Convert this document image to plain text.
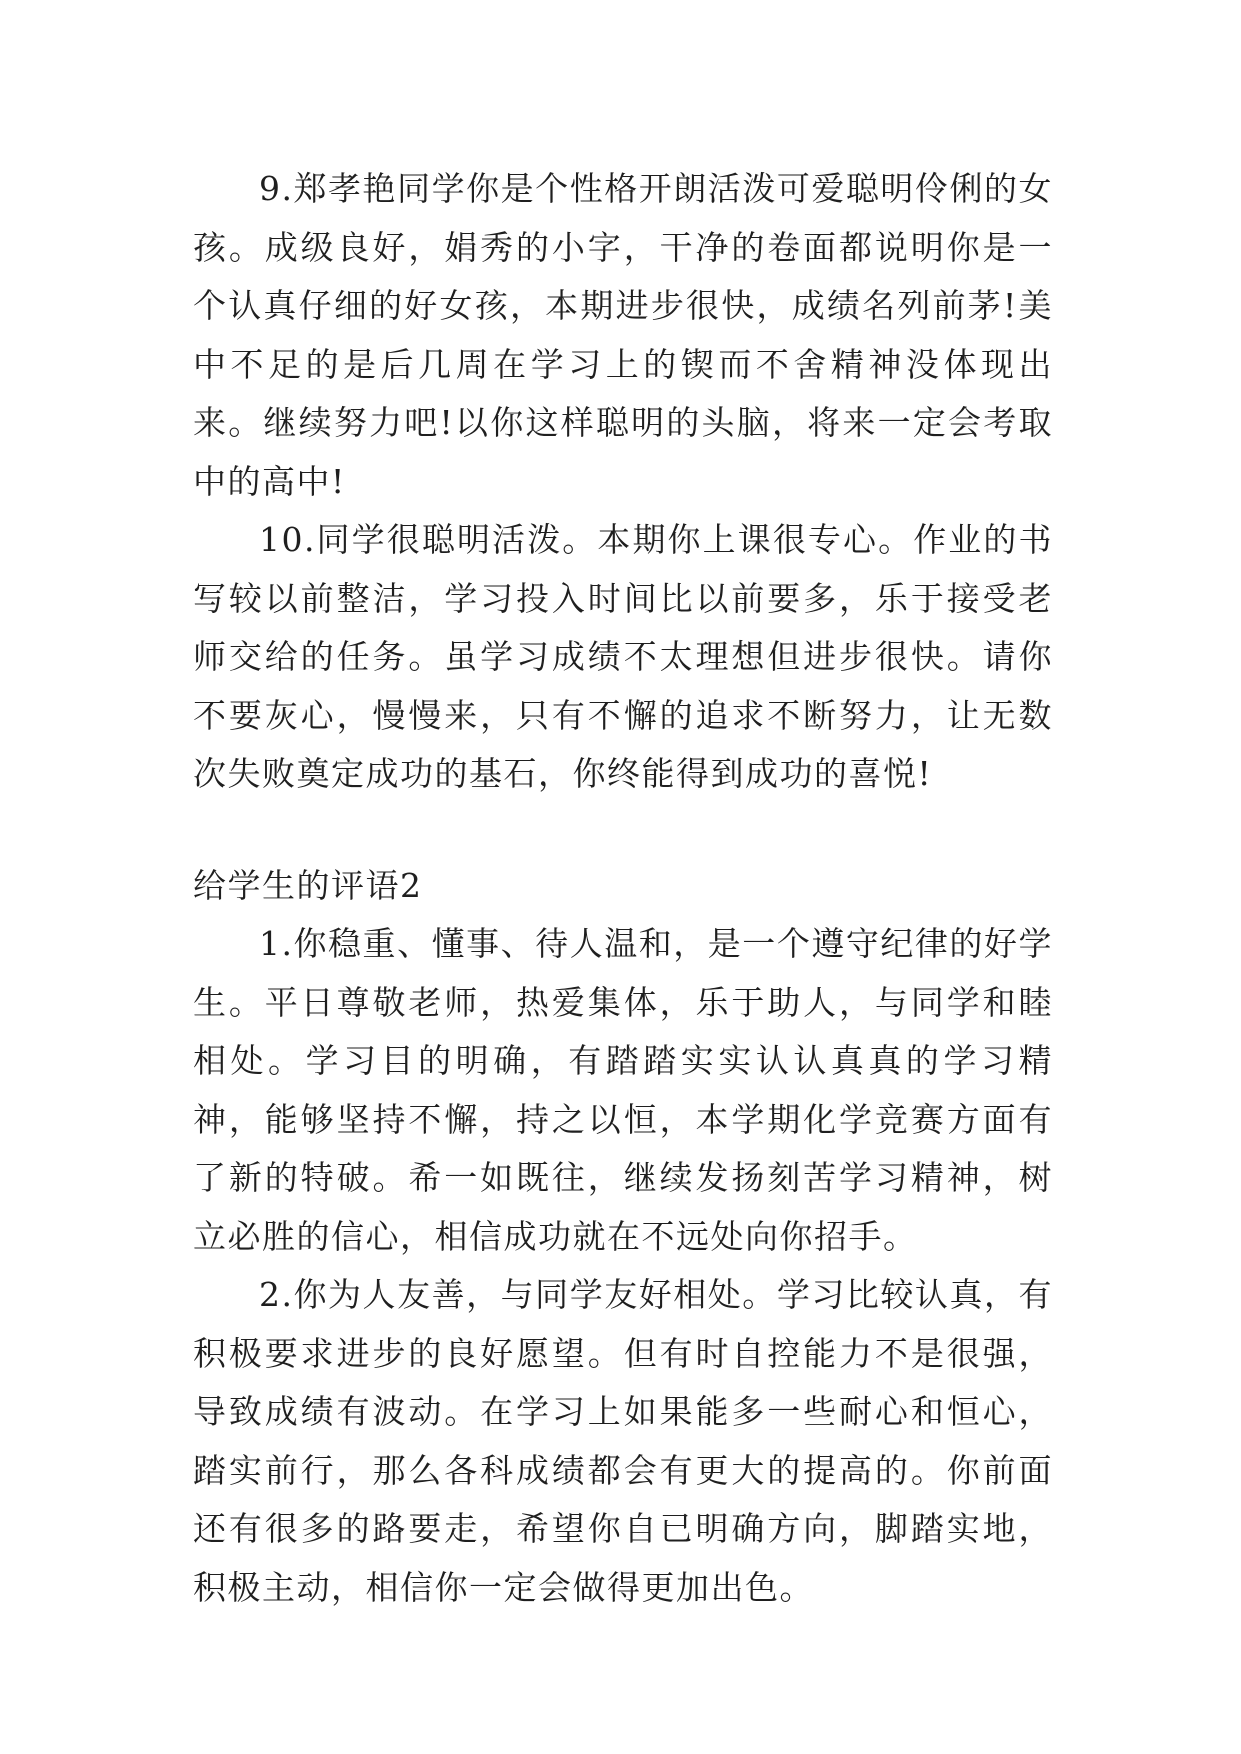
9.郑孝艳同学你是个性格开朗活泼可爱聪明伶俐的女孩。成级良好，娟秀的小字，干净的卷面都说明你是一个认真仔细的好女孩，本期进步很快，成绩名列前茅!美中不足的是后几周在学习上的锲而不舍精神没体现出来。继续努力吧!以你这样聪明的头脑，将来一定会考取中的高中!

10.同学很聪明活泼。本期你上课很专心。作业的书写较以前整洁，学习投入时间比以前要多，乐于接受老师交给的任务。虽学习成绩不太理想但进步很快。请你不要灰心，慢慢来，只有不懈的追求不断努力，让无数次失败奠定成功的基石，你终能得到成功的喜悦!

给学生的评语2

1.你稳重、懂事、待人温和，是一个遵守纪律的好学生。平日尊敬老师，热爱集体，乐于助人，与同学和睦相处。学习目的明确，有踏踏实实认认真真的学习精神，能够坚持不懈，持之以恒，本学期化学竞赛方面有了新的特破。希一如既往，继续发扬刻苦学习精神，树立必胜的信心，相信成功就在不远处向你招手。

2.你为人友善，与同学友好相处。学习比较认真，有积极要求进步的良好愿望。但有时自控能力不是很强，导致成绩有波动。在学习上如果能多一些耐心和恒心，踏实前行，那么各科成绩都会有更大的提高的。你前面还有很多的路要走，希望你自已明确方向，脚踏实地，积极主动，相信你一定会做得更加出色。
